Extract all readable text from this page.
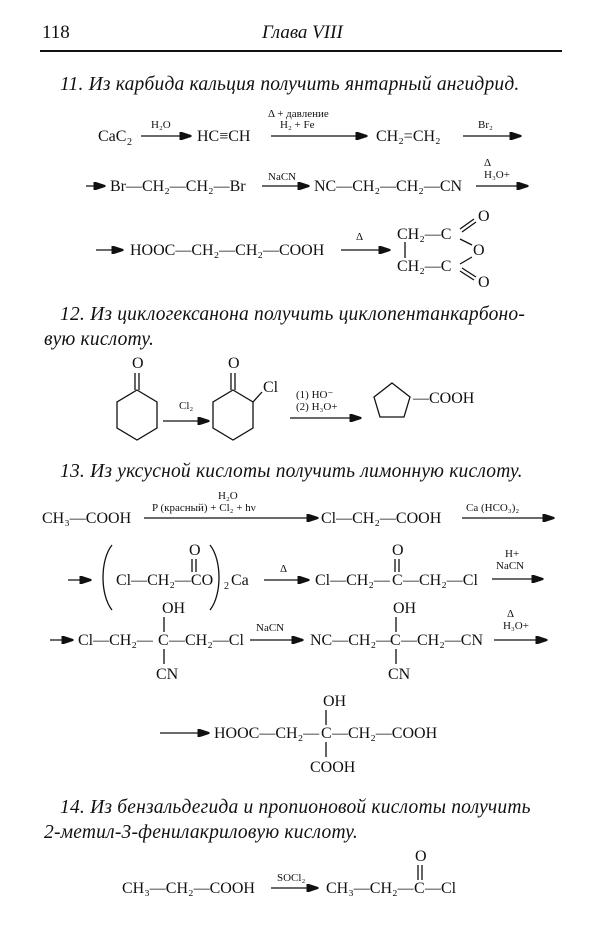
118	Глава VIII
11. Из карбида кальция получить янтарный ангидрид.
12. Из циклогексанона получить циклопентанкарбоно-

вую кислоту.
13. Из уксусной кислоты получить лимонную кислоту.
14. Из бензальдегида и пропионовой кислоты получить
2-метил-3-фенилакриловую кислоту.
CaC 2
H₂O
HC≡CH
Δ + давление
H₂ + Fe
CH₂=CH₂
Br₂
Br—CH₂—CH₂—Br
NaCN
NC—CH₂—CH₂—CN
Δ
H₃O+
HOOC—CH₂—CH₂—COOH
Δ CH₂—C
CH₂—C
O
O
O
O
Cl₂
O
Cl (1) HO⁻
(2) H₃O+	—COOH
CH₃—COOH
H₂O
P (красный) + Cl₂ + hν
Cl—CH₂—COOH
Ca (HCO₃)₂
Cl—CH₂—CO
O
2 Ca
Δ
Cl—CH₂—
O
C —CH₂—Cl
H+
NaCN
Cl—CH₂—
OH
C —CH₂—Cl
CN
NaCN
NC—CH₂—
OH
C —CH₂—CN
CN
Δ
H₃O+
HOOC—CH₂—
OH
C —CH₂—COOH
COOH
CH₃—CH₂—COOH
SOCl₂
CH₃—CH₂—
O
C —Cl
